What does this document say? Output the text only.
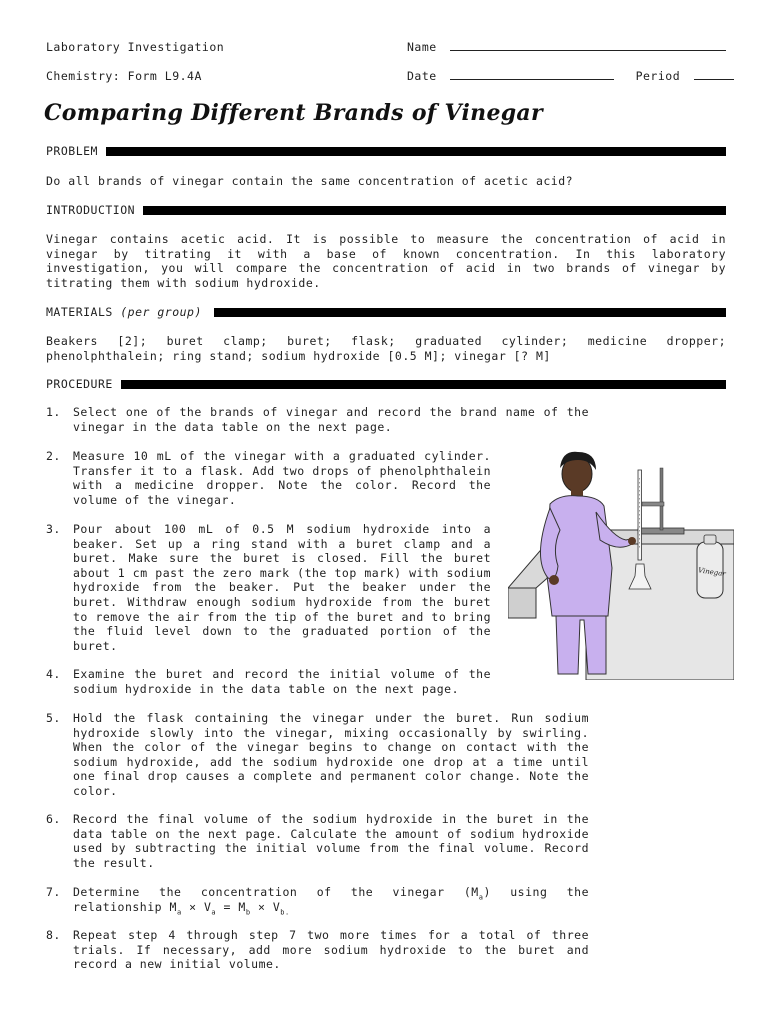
Laboratory Investigation
Chemistry: Form L9.4A
Name
Date	Period
Comparing Different Brands of Vinegar
PROBLEM
Do all brands of vinegar contain the same concentration of acetic acid?
INTRODUCTION
Vinegar contains acetic acid. It is possible to measure the concentration of acid in vinegar by titrating it with a base of known concentration. In this laboratory investigation, you will compare the concentration of acid in two brands of vinegar by titrating them with sodium hydroxide.
MATERIALS (per group)
Beakers [2]; buret clamp; buret; flask; graduated cylinder; medicine dropper; phenolphthalein; ring stand; sodium hydroxide [0.5 M]; vinegar [? M]
PROCEDURE
1.	Select one of the brands of vinegar and record the brand name of the vinegar in the data table on the next page.
2.	Measure 10 mL of the vinegar with a graduated cylinder. Transfer it to a flask. Add two drops of phenolphthalein with a medicine dropper. Note the color. Record the volume of the vinegar.
3.	Pour about 100 mL of 0.5 M sodium hydroxide into a beaker. Set up a ring stand with a buret clamp and a buret. Make sure the buret is closed. Fill the buret about 1 cm past the zero mark (the top mark) with sodium hydroxide from the beaker. Put the beaker under the buret. Withdraw enough sodium hydroxide from the buret to remove the air from the tip of the buret and to bring the fluid level down to the graduated portion of the buret.
4.	Examine the buret and record the initial volume of the sodium hydroxide in the data table on the next page.
5.	Hold the flask containing the vinegar under the buret. Run sodium hydroxide slowly into the vinegar, mixing occasionally by swirling. When the color of the vinegar begins to change on contact with the sodium hydroxide, add the sodium hydroxide one drop at a time until one final drop causes a complete and permanent color change. Note the color.
6.	Record the final volume of the sodium hydroxide in the buret in the data table on the next page. Calculate the amount of sodium hydroxide used by subtracting the initial volume from the final volume. Record the result.
7.	Determine the concentration of the vinegar $(M_a)$ using the relationship $M_a \times V_a = M_b \times V_{b.}$
8.	Repeat step 4 through step 7 two more times for a total of three trials. If necessary, add more sodium hydroxide to the buret and record a new initial volume.
Vinegar
